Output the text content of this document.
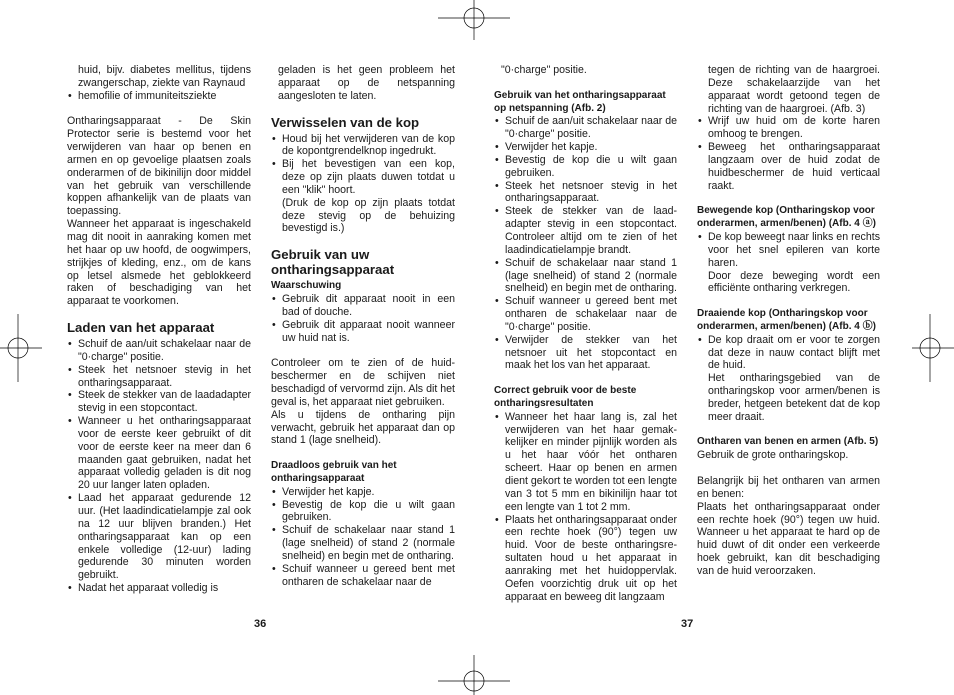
huid, bijv. diabetes mellitus, tijdens zwangerschap, ziekte van Raynaud

• hemofilie of immuniteitsziekte

Ontharingsapparaat - De Skin Protector serie is bestemd voor het verwijderen van haar op benen en armen en op gevoelige plaatsen zoals onderarmen of de bikinilijn door middel van het gebruik van verschillende koppen afhankelijk van de plaats van toepassing.

Wanneer het apparaat is ingeschakeld mag dit nooit in aanraking komen met het haar op uw hoofd, de oogwimpers, strijkjes of kleding, enz., om de kans op letsel alsmede het geblokkeerd raken of beschadiging van het apparaat te voorkomen.

Laden van het apparaat
• Schuif de aan/uit schakelaar naar de "0·charge" positie.
• Steek het netsnoer stevig in het ontharingsapparaat.
• Steek de stekker van de laadadapter stevig in een stopcontact.
• Wanneer u het ontharingsapparaat voor de eerste keer gebruikt of dit voor de eerste keer na meer dan 6 maanden gaat gebruiken, nadat het apparaat volledig geladen is dit nog 20 uur langer laten opladen.
• Laad het apparaat gedurende 12 uur. (Het laadindicatielampje zal ook na 12 uur blijven branden.) Het ontharingsapparaat kan op een enkele volledige (12-uur) lading gedurende 30 minuten worden gebruikt.
• Nadat het apparaat volledig is

geladen is het geen probleem het apparaat op de netspanning aangesloten te laten.

Verwisselen van de kop
• Houd bij het verwijderen van de kop de kopontgrendelknop ingedrukt.
• Bij het bevestigen van een kop, deze op zijn plaats duwen totdat u een "klik" hoort.
(Druk de kop op zijn plaats totdat deze stevig op de behuizing bevestigd is.)
Gebruik van uw ontharingsapparaat
Waarschuwing
• Gebruik dit apparaat nooit in een bad of douche.
• Gebruik dit apparaat nooit wanneer uw huid nat is.

Controleer om te zien of de huid-beschermer en de schijven niet beschadigd of vervormd zijn. Als dit het geval is, het apparaat niet gebruiken.

Als u tijdens de ontharing pijn verwacht, gebruik het apparaat dan op stand 1 (lage snelheid).

Draadloos gebruik van het ontharingsapparaat
• Verwijder het kapje.
• Bevestig de kop die u wilt gaan gebruiken.
• Schuif de schakelaar naar stand 1 (lage snelheid) of stand 2 (normale snelheid) en begin met de ontharing.
• Schuif wanneer u gereed bent met ontharen de schakelaar naar de

"0·charge" positie.

Gebruik van het ontharingsapparaat op netspanning (Afb. 2)
• Schuif de aan/uit schakelaar naar de "0·charge" positie.
• Verwijder het kapje.
• Bevestig de kop die u wilt gaan gebruiken.
• Steek het netsnoer stevig in het ontharingsapparaat.
• Steek de stekker van de laad-adapter stevig in een stopcontact. Controleer altijd om te zien of het laadindicatielampje brandt.
• Schuif de schakelaar naar stand 1 (lage snelheid) of stand 2 (normale snelheid) en begin met de ontharing.
• Schuif wanneer u gereed bent met ontharen de schakelaar naar de "0·charge" positie.
• Verwijder de stekker van het netsnoer uit het stopcontact en maak het los van het apparaat.
Correct gebruik voor de beste ontharingsresultaten
• Wanneer het haar lang is, zal het verwijderen van het haar gemak-kelijker en minder pijnlijk worden als u het haar vóór het ontharen scheert. Haar op benen en armen dient gekort te worden tot een lengte van 3 tot 5 mm en bikinilijn haar tot een lengte van 1 tot 2 mm.
• Plaats het ontharingsapparaat onder een rechte hoek (90°) tegen uw huid. Voor de beste ontharingsre-sultaten houd u het apparaat in aanraking met het huidoppervlak. Oefen voorzichtig druk uit op het apparaat en beweeg dit langzaam

tegen de richting van de haargroei. Deze schakelaarzijde van het apparaat wordt getoond tegen de richting van de haargroei. (Afb. 3)

• Wrijf uw huid om de korte haren omhoog te brengen.
• Beweeg het ontharingsapparaat langzaam over de huid zodat de huidbeschermer de huid verticaal raakt.
Bewegende kop (Ontharingskop voor onderarmen, armen/benen) (Afb. 4 ⓐ)
• De kop beweegt naar links en rechts voor het snel epileren van korte haren.
Door deze beweging wordt een efficiënte ontharing verkregen.
Draaiende kop (Ontharingskop voor onderarmen, armen/benen) (Afb. 4 ⓑ)
• De kop draait om er voor te zorgen dat deze in nauw contact blijft met de huid.
Het ontharingsgebied van de ontharingskop voor armen/benen is breder, hetgeen betekent dat de kop meer draait.
Ontharen van benen en armen (Afb. 5)

Gebruik de grote ontharingskop.

Belangrijk bij het ontharen van armen en benen:

Plaats het ontharingsapparaat onder een rechte hoek (90°) tegen uw huid. Wanneer u het apparaat te hard op de huid duwt of dit onder een verkeerde hoek gebruikt, kan dit beschadiging van de huid veroorzaken.

36	37
